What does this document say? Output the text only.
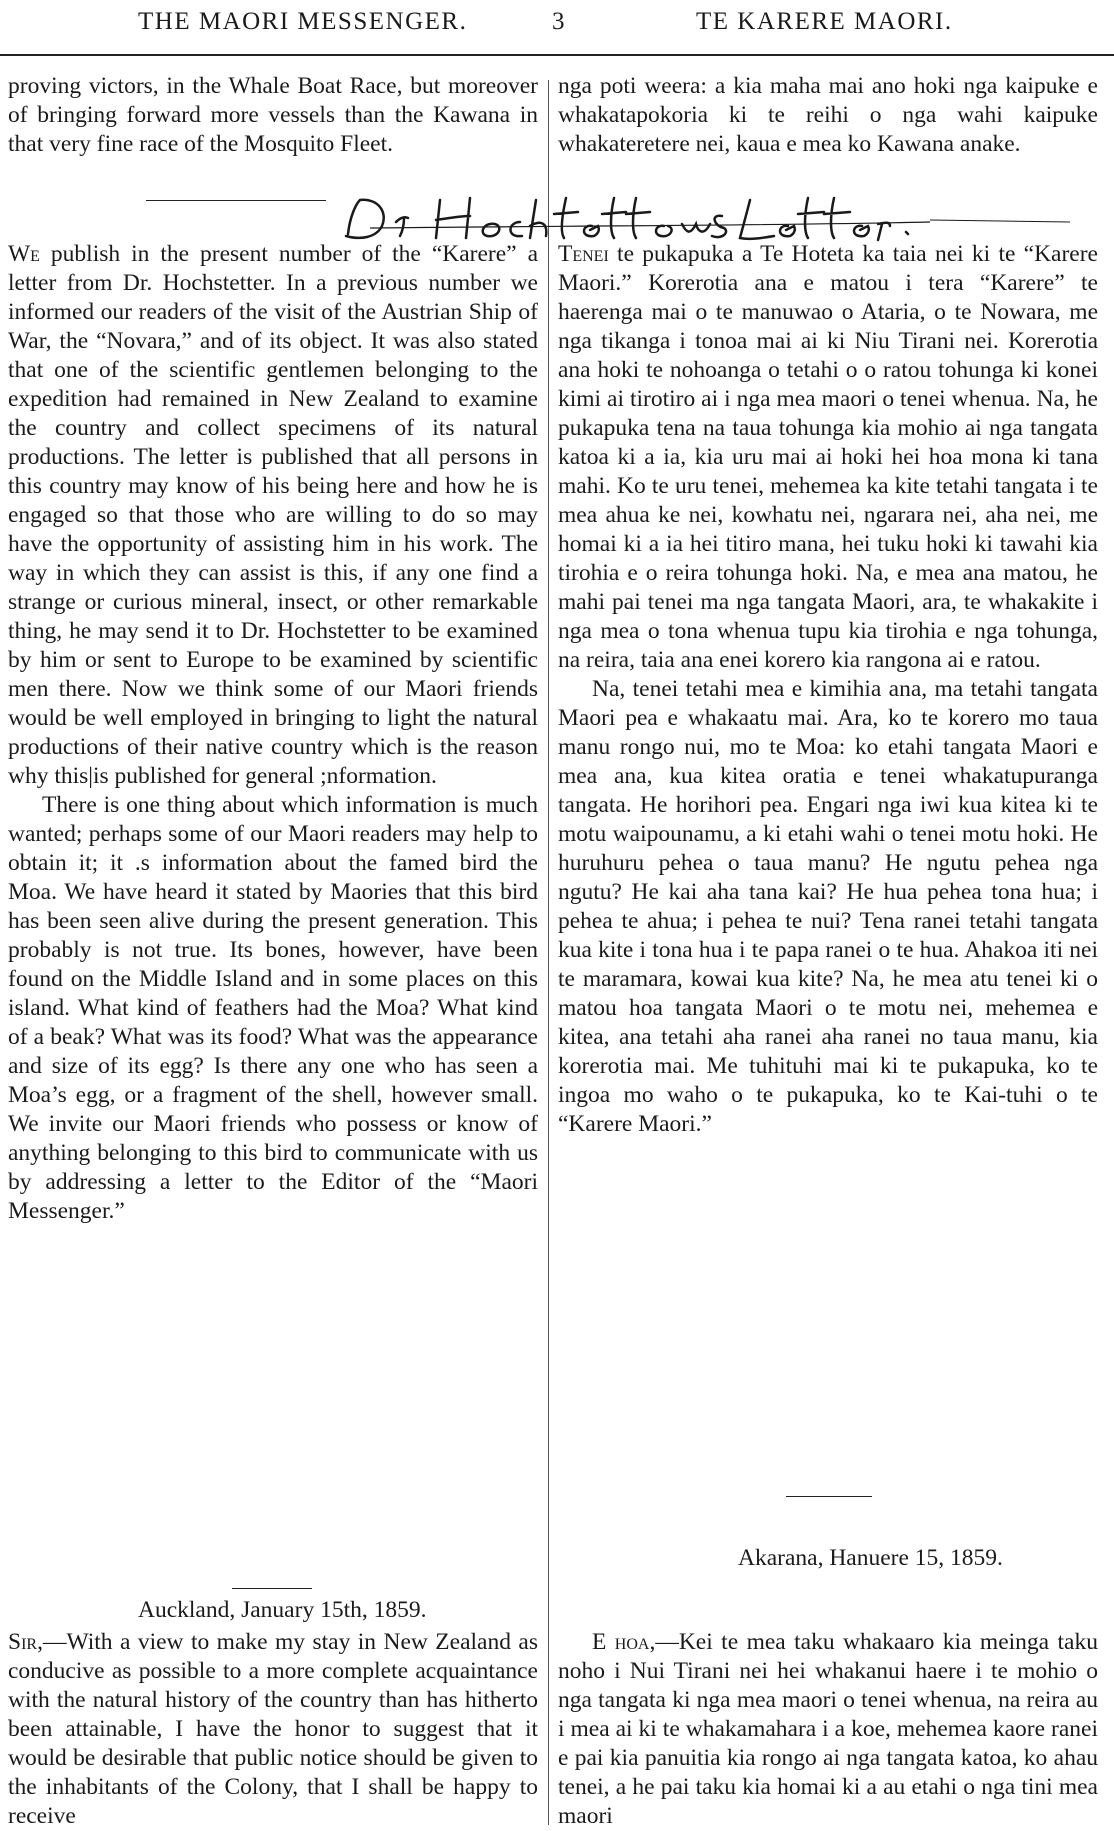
THE MAORI MESSENGER.	3	TE KARERE MAORI.

proving victors, in the Whale Boat Race, but moreover of bringing forward more vessels than the Kawana in that very fine race of the Mosquito Fleet.

We publish in the present number of the “Karere” a letter from Dr. Hochstetter. In a previous number we informed our readers of the visit of the Austrian Ship of War, the “Novara,” and of its object. It was also stated that one of the scientific gentlemen belonging to the expedition had remained in New Zealand to examine the country and collect specimens of its natural productions. The letter is published that all persons in this country may know of his being here and how he is engaged so that those who are willing to do so may have the opportunity of assisting him in his work. The way in which they can assist is this, if any one find a strange or curious mineral, insect, or other remarkable thing, he may send it to Dr. Hochstetter to be examined by him or sent to Europe to be examined by scientific men there. Now we think some of our Maori friends would be well employed in bringing to light the natural productions of their native country which is the reason why this|is published for general ;nformation.

There is one thing about which information is much wanted; perhaps some of our Maori readers may help to obtain it; it .s information about the famed bird the Moa. We have heard it stated by Maories that this bird has been seen alive during the present generation. This probably is not true. Its bones, however, have been found on the Middle Island and in some places on this island. What kind of feathers had the Moa? What kind of a beak? What was its food? What was the appearance and size of its egg? Is there any one who has seen a Moa’s egg, or a fragment of the shell, however small. We invite our Maori friends who possess or know of anything belonging to this bird to communicate with us by addressing a letter to the Editor of the “Maori Messenger.”

Auckland, January 15th, 1859.

Sir,—With a view to make my stay in New Zealand as conducive as possible to a more complete acquaintance with the natural history of the country than has hitherto been attainable, I have the honor to suggest that it would be desirable that public notice should be given to the inhabitants of the Colony, that I shall be happy to receive

nga poti weera: a kia maha mai ano hoki nga kaipuke e whakatapokoria ki te reihi o nga wahi kaipuke whakateretere nei, kaua e mea ko Kawana anake.

Tenei te pukapuka a Te Hoteta ka taia nei ki te “Karere Maori.” Korerotia ana e matou i tera “Karere” te haerenga mai o te manuwao o Ataria, o te Nowara, me nga tikanga i tonoa mai ai ki Niu Tirani nei. Korerotia ana hoki te nohoanga o tetahi o o ratou tohunga ki konei kimi ai tirotiro ai i nga mea maori o tenei whenua. Na, he pukapuka tena na taua tohunga kia mohio ai nga tangata katoa ki a ia, kia uru mai ai hoki hei hoa mona ki tana mahi. Ko te uru tenei, mehemea ka kite tetahi tangata i te mea ahua ke nei, kowhatu nei, ngarara nei, aha nei, me homai ki a ia hei titiro mana, hei tuku hoki ki tawahi kia tirohia e o reira tohunga hoki. Na, e mea ana matou, he mahi pai tenei ma nga tangata Maori, ara, te whakakite i nga mea o tona whenua tupu kia tirohia e nga tohunga, na reira, taia ana enei korero kia rangona ai e ratou.

Na, tenei tetahi mea e kimihia ana, ma tetahi tangata Maori pea e whakaatu mai. Ara, ko te korero mo taua manu rongo nui, mo te Moa: ko etahi tangata Maori e mea ana, kua kitea oratia e tenei whakatupuranga tangata. He horihori pea. Engari nga iwi kua kitea ki te motu waipounamu, a ki etahi wahi o tenei motu hoki. He huruhuru pehea o taua manu? He ngutu pehea nga ngutu? He kai aha tana kai? He hua pehea tona hua; i pehea te ahua; i pehea te nui? Tena ranei tetahi tangata kua kite i tona hua i te papa ranei o te hua. Ahakoa iti nei te maramara, kowai kua kite? Na, he mea atu tenei ki o matou hoa tangata Maori o te motu nei, mehemea e kitea, ana tetahi aha ranei aha ranei no taua manu, kia korerotia mai. Me tuhituhi mai ki te pukapuka, ko te ingoa mo waho o te pukapuka, ko te Kai-tuhi o te “Karere Maori.”

Akarana, Hanuere 15, 1859.

E hoa,—Kei te mea taku whakaaro kia meinga taku noho i Nui Tirani nei hei whakanui haere i te mohio o nga tangata ki nga mea maori o tenei whenua, na reira au i mea ai ki te whakamahara i a koe, mehemea kaore ranei e pai kia panuitia kia rongo ai nga tangata katoa, ko ahau tenei, a he pai taku kia homai ki a au etahi o nga tini mea maori
